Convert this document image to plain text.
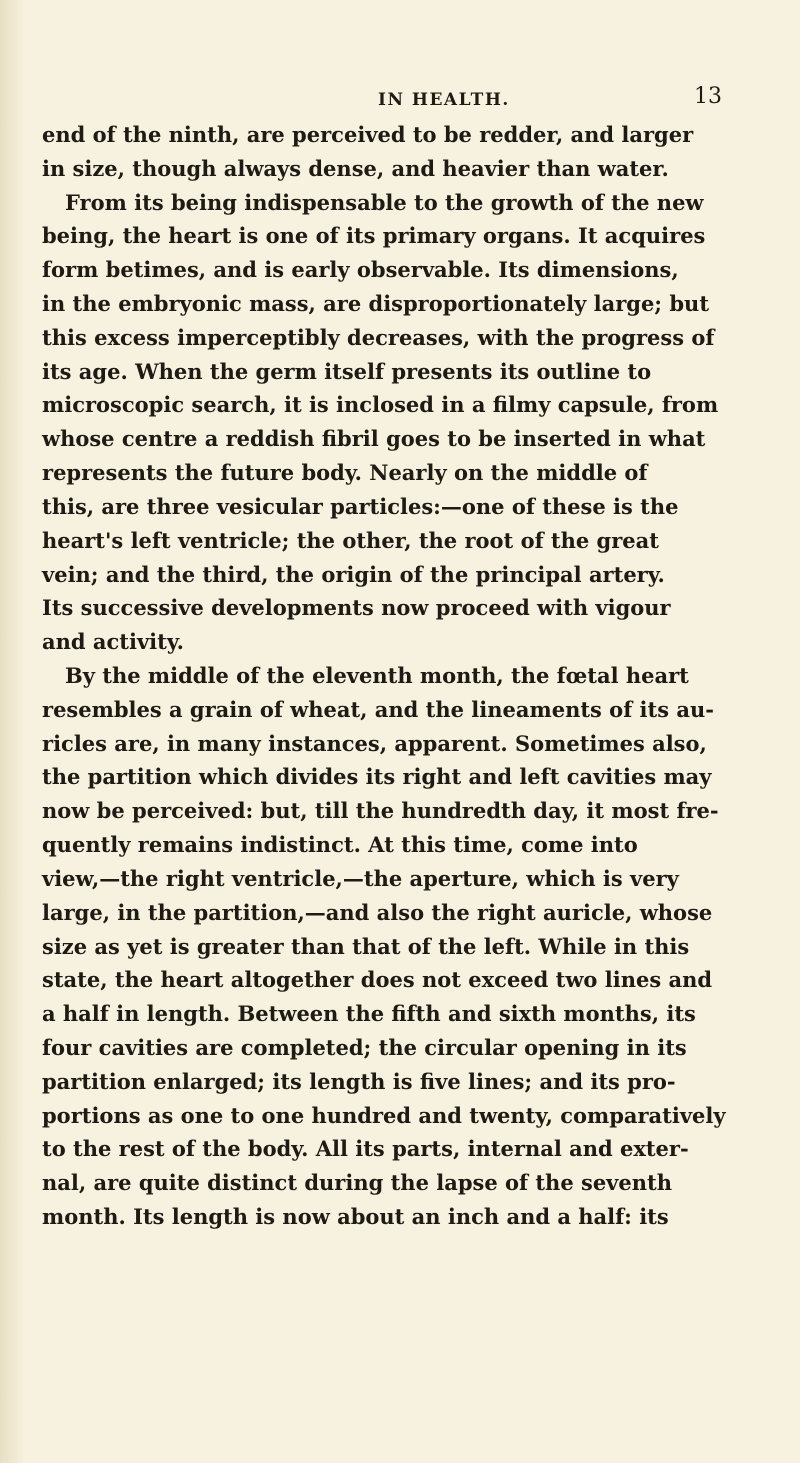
IN HEALTH.	13
end of the ninth, are perceived to be redder, and larger
in size, though always dense, and heavier than water.
From its being indispensable to the growth of the new
being, the heart is one of its primary organs. It acquires
form betimes, and is early observable. Its dimensions,
in the embryonic mass, are disproportionately large; but
this excess imperceptibly decreases, with the progress of
its age. When the germ itself presents its outline to
microscopic search, it is inclosed in a filmy capsule, from
whose centre a reddish fibril goes to be inserted in what
represents the future body. Nearly on the middle of
this, are three vesicular particles:—one of these is the
heart's left ventricle; the other, the root of the great
vein; and the third, the origin of the principal artery.
Its successive developments now proceed with vigour
and activity.
By the middle of the eleventh month, the fœtal heart
resembles a grain of wheat, and the lineaments of its au-
ricles are, in many instances, apparent. Sometimes also,
the partition which divides its right and left cavities may
now be perceived: but, till the hundredth day, it most fre-
quently remains indistinct. At this time, come into
view,—the right ventricle,—the aperture, which is very
large, in the partition,—and also the right auricle, whose
size as yet is greater than that of the left. While in this
state, the heart altogether does not exceed two lines and
a half in length. Between the fifth and sixth months, its
four cavities are completed; the circular opening in its
partition enlarged; its length is five lines; and its pro-
portions as one to one hundred and twenty, comparatively
to the rest of the body. All its parts, internal and exter-
nal, are quite distinct during the lapse of the seventh
month. Its length is now about an inch and a half: its
